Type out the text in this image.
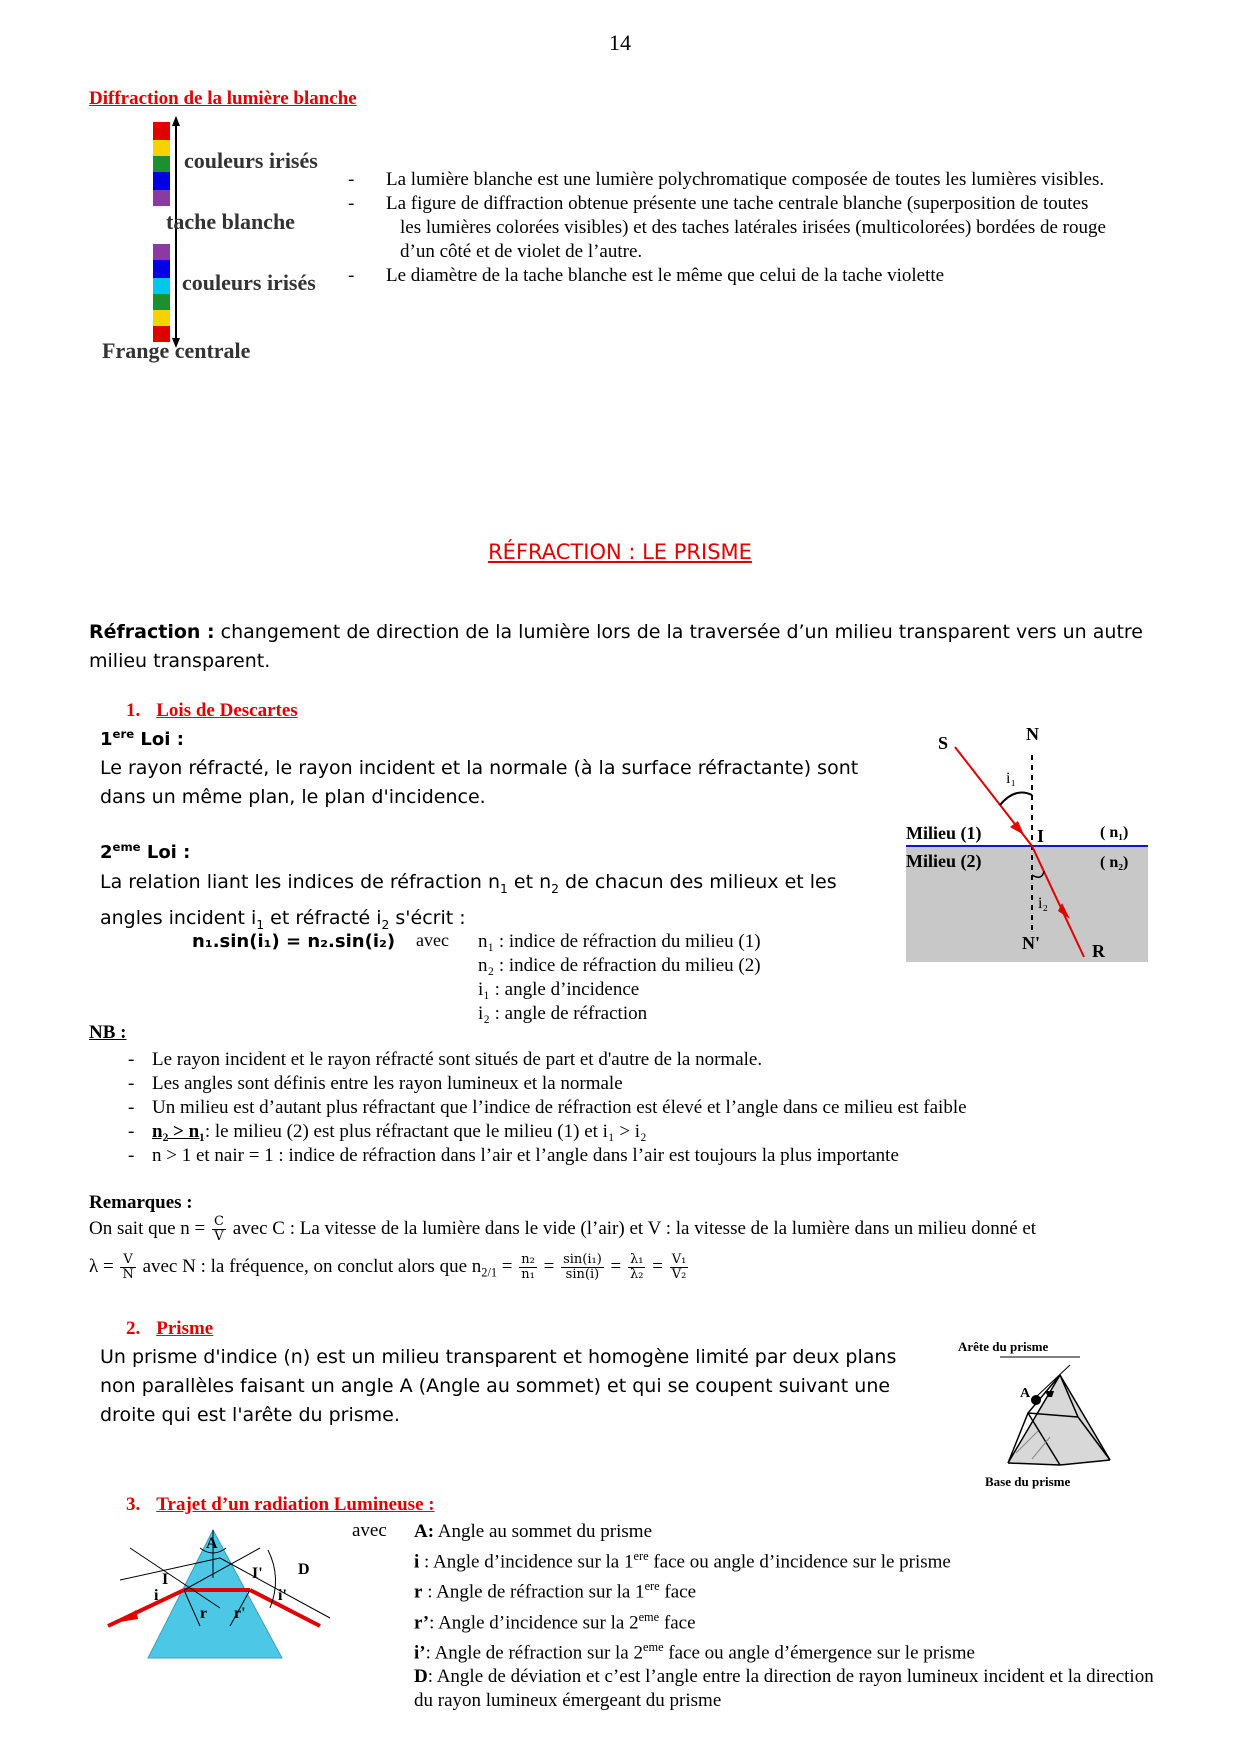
14
Diffraction de la lumière blanche
couleurs irisés
tache blanche
couleurs irisés
Frange centrale
- La lumière blanche est une lumière polychromatique composée de toutes les lumières visibles.
- La figure de diffraction obtenue présente une tache centrale blanche (superposition de toutes les lumières colorées visibles) et des taches latérales irisées (multicolorées) bordées de rouge d’un côté et de violet de l’autre.
- Le diamètre de la tache blanche est le même que celui de la tache violette
RÉFRACTION : LE PRISME
Réfraction : changement de direction de la lumière lors de la traversée d’un milieu transparent vers un autre milieu transparent.
1. Lois de Descartes
1ere Loi :
Le rayon réfracté, le rayon incident et la normale (à la surface réfractante) sont dans un même plan, le plan d'incidence.
2eme Loi :
La relation liant les indices de réfraction $n_1$ et $n_2$ de chacun des milieux et les angles incident $i_1$ et réfracté $i_2$ s'écrit :
n₁.sin(i₁) = n₂.sin(i₂) avec n₁ : indice de réfraction du milieu (1)
n₂ : indice de réfraction du milieu (2)
i₁ : angle d’incidence
i₂ : angle de réfraction
S	N
i₁
I
Milieu (1)
Milieu (2)
( n₁)
( n₂)
i₂
N'	R
NB :
- Le rayon incident et le rayon réfracté sont situés de part et d'autre de la normale.
- Les angles sont définis entre les rayon lumineux et la normale
- Un milieu est d’autant plus réfractant que l’indice de réfraction est élevé et l’angle dans ce milieu est faible
- n₂ > n₁: le milieu (2) est plus réfractant que le milieu (1) et i₁ > i₂
- n > 1 et nair = 1 : indice de réfraction dans l’air et l’angle dans l’air est toujours la plus importante
Remarques :
On sait que $n = \frac{C}{V}$ avec C : La vitesse de la lumière dans le vide (l’air) et V : la vitesse de la lumière dans un milieu donné et
$\lambda = \frac{V}{N}$ avec N : la fréquence, on conclut alors que $n_{2/1} = \frac{\text{n₂}}{\text{n₁}} = \frac{\text{sin(i₁)}}{\sin(i)} = \frac{\text{λ₁}}{\text{λ₂}} = \frac{\text{V₁}}{\text{V₂}}$
2. Prisme
Un prisme d'indice (n) est un milieu transparent et homogène limité par deux plans non parallèles faisant un angle A (Angle au sommet) et qui se coupent suivant une droite qui est l'arête du prisme.
Arête du prisme
A
Base du prisme
3. Trajet d’un radiation Lumineuse :
A
I	I'
i
r r'
i'
D
avec A: Angle au sommet du prisme
i : Angle d’incidence sur la 1ere face ou angle d’incidence sur le prisme
r : Angle de réfraction sur la 1ere face
r’: Angle d’incidence sur la 2eme face
i’: Angle de réfraction sur la 2eme face ou angle d’émergence sur le prisme
D: Angle de déviation et c’est l’angle entre la direction de rayon lumineux incident et la direction du rayon lumineux émergeant du prisme
